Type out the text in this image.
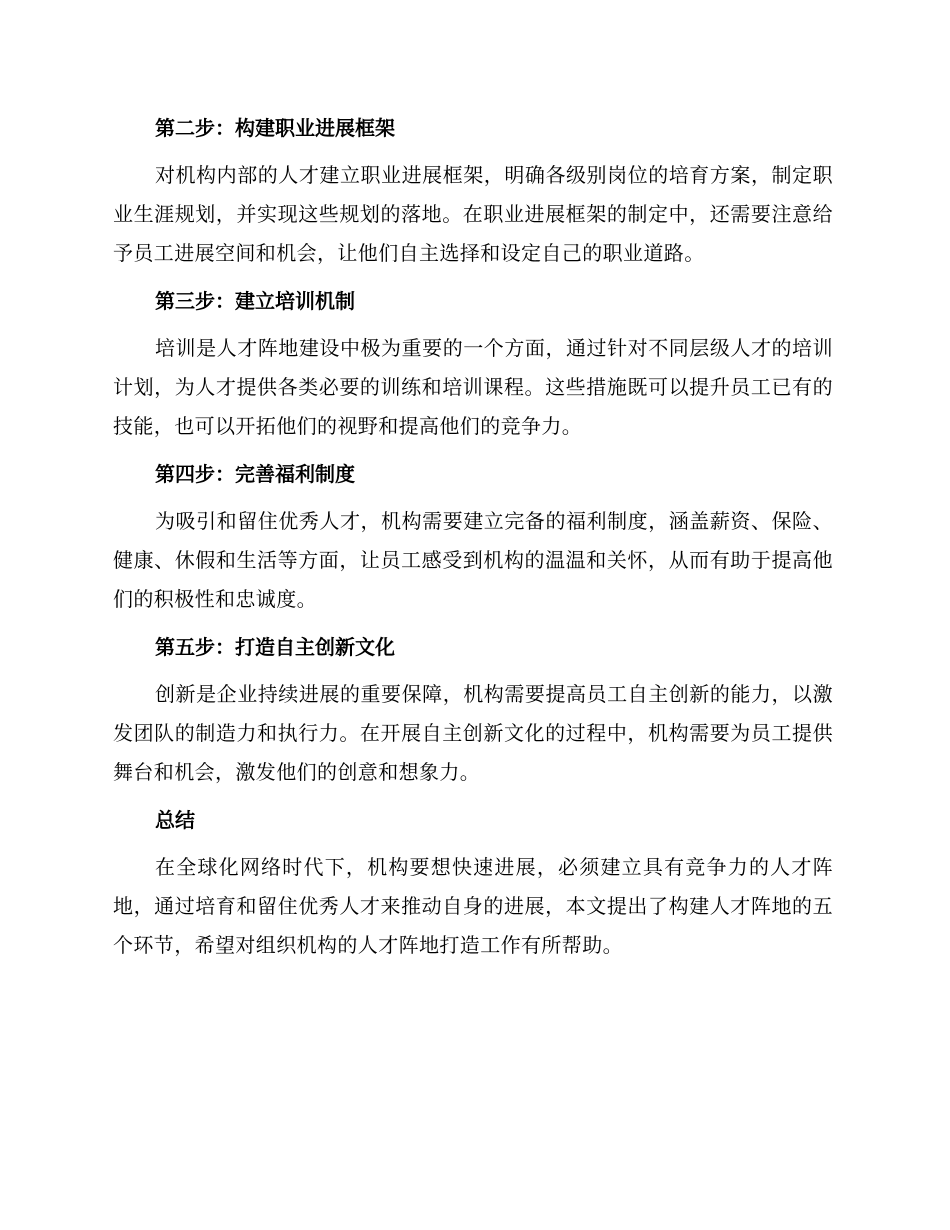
第二步：构建职业进展框架

对机构内部的人才建立职业进展框架，明确各级别岗位的培育方案，制定职业生涯规划，并实现这些规划的落地。在职业进展框架的制定中，还需要注意给予员工进展空间和机会，让他们自主选择和设定自己的职业道路。

第三步：建立培训机制

培训是人才阵地建设中极为重要的一个方面，通过针对不同层级人才的培训计划，为人才提供各类必要的训练和培训课程。这些措施既可以提升员工已有的技能，也可以开拓他们的视野和提高他们的竞争力。

第四步：完善福利制度

为吸引和留住优秀人才，机构需要建立完备的福利制度，涵盖薪资、保险、健康、休假和生活等方面，让员工感受到机构的温温和关怀，从而有助于提高他们的积极性和忠诚度。

第五步：打造自主创新文化

创新是企业持续进展的重要保障，机构需要提高员工自主创新的能力，以激发团队的制造力和执行力。在开展自主创新文化的过程中，机构需要为员工提供舞台和机会，激发他们的创意和想象力。

总结

在全球化网络时代下，机构要想快速进展，必须建立具有竞争力的人才阵地，通过培育和留住优秀人才来推动自身的进展，本文提出了构建人才阵地的五个环节，希望对组织机构的人才阵地打造工作有所帮助。
